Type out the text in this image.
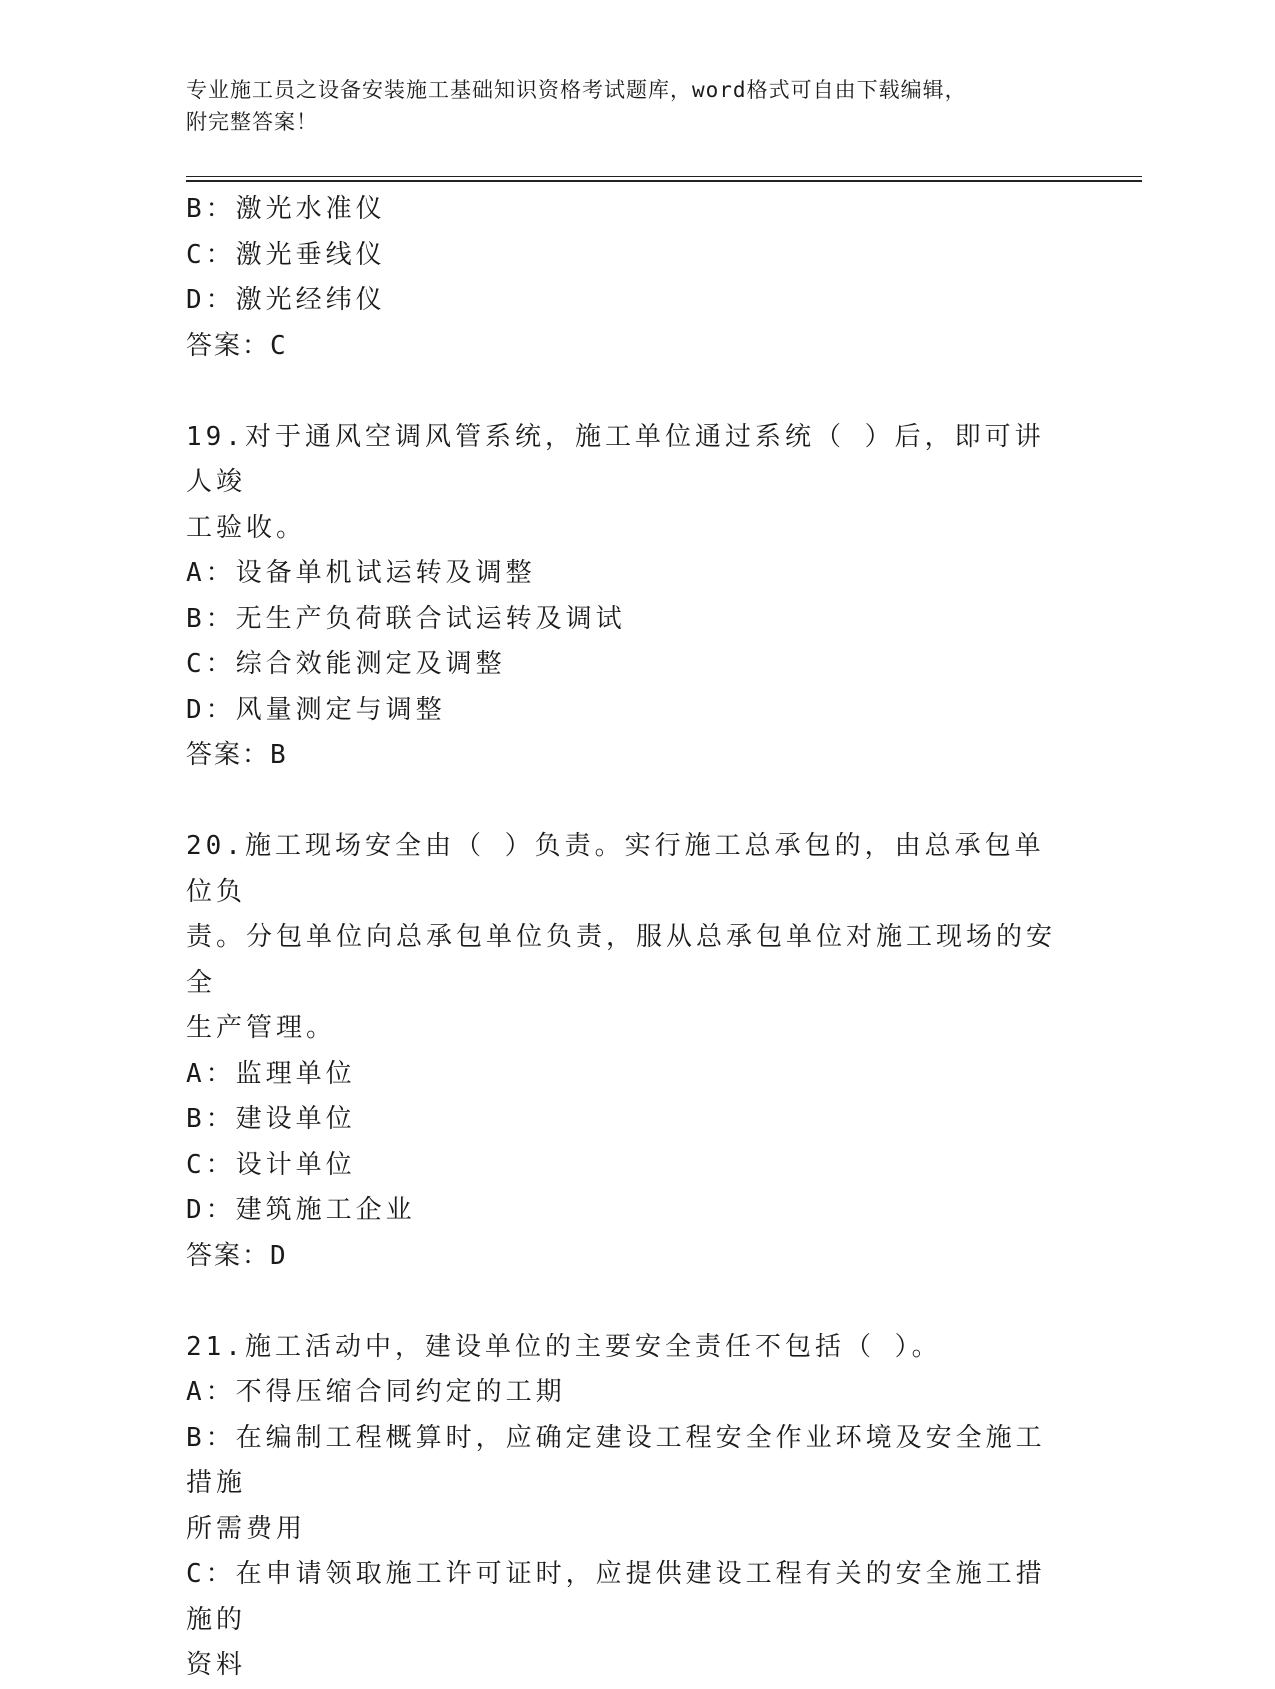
专业施工员之设备安装施工基础知识资格考试题库，word格式可自由下载编辑，
附完整答案！
B：激光水准仪
C：激光垂线仪
D：激光经纬仪
答案：C
19.对于通风空调风管系统，施工单位通过系统（ ）后，即可讲人竣
工验收。
A：设备单机试运转及调整
B：无生产负荷联合试运转及调试
C：综合效能测定及调整
D：风量测定与调整
答案：B
20.施工现场安全由（ ）负责。实行施工总承包的，由总承包单位负
责。分包单位向总承包单位负责，服从总承包单位对施工现场的安全
生产管理。
A：监理单位
B：建设单位
C：设计单位
D：建筑施工企业
答案：D
21.施工活动中，建设单位的主要安全责任不包括（ ）。
A：不得压缩合同约定的工期
B：在编制工程概算时，应确定建设工程安全作业环境及安全施工措施
所需费用
C：在申请领取施工许可证时，应提供建设工程有关的安全施工措施的
资料
